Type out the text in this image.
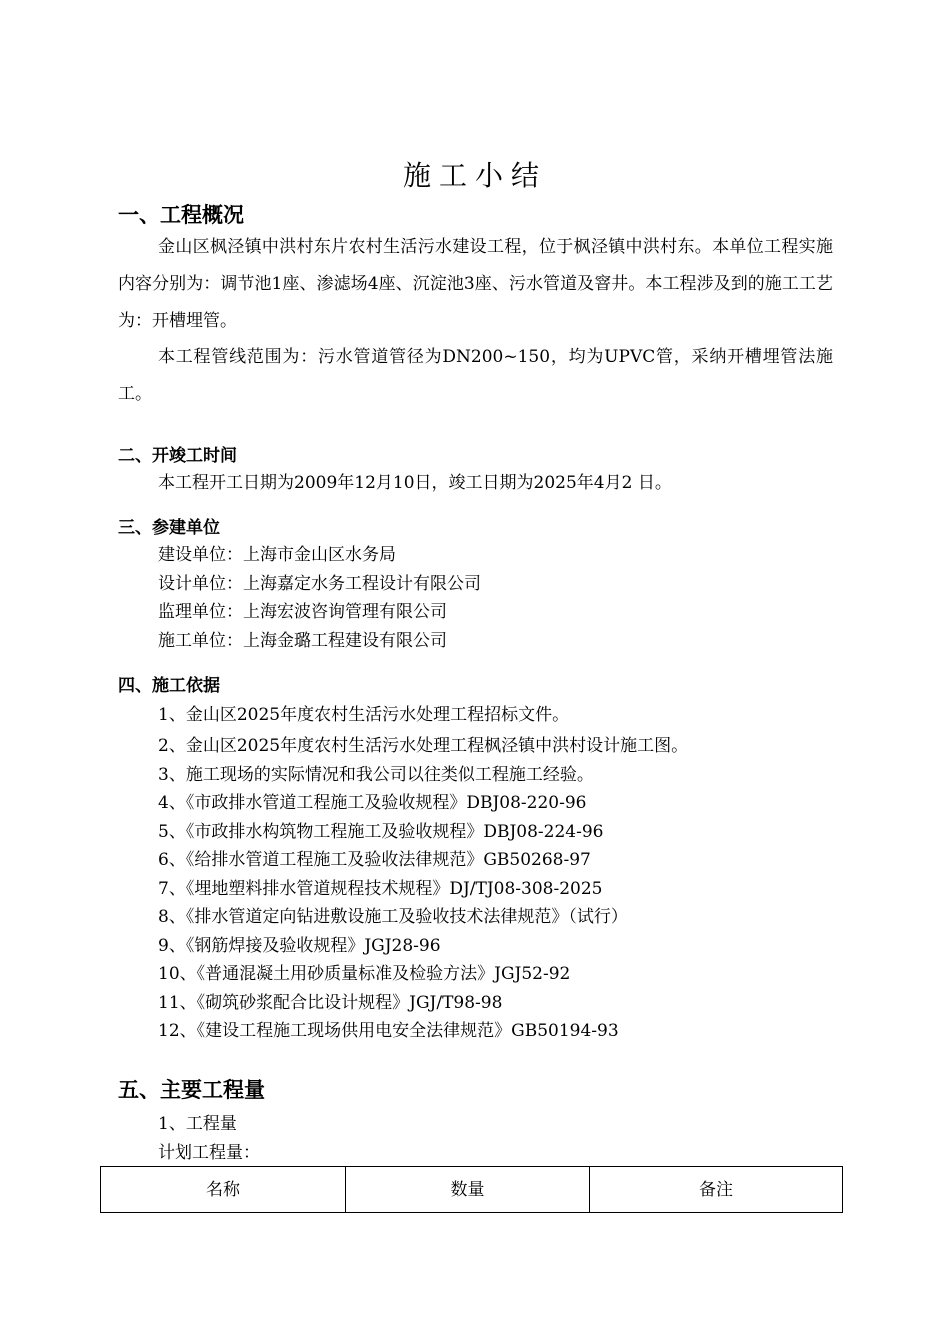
施工小结
一、工程概况

金山区枫泾镇中洪村东片农村生活污水建设工程，位于枫泾镇中洪村东。本单位工程实施内容分别为：调节池1座、渗滤场4座、沉淀池3座、污水管道及窨井。本工程涉及到的施工工艺为：开槽埋管。

本工程管线范围为：污水管道管径为DN200~150，均为UPVC管，采纳开槽埋管法施工。

二、开竣工时间
本工程开工日期为2009年12月10日，竣工日期为2025年4月2 日。
三、参建单位
建设单位：上海市金山区水务局
设计单位：上海嘉定水务工程设计有限公司
监理单位：上海宏波咨询管理有限公司
施工单位：上海金璐工程建设有限公司
四、施工依据
1、金山区2025年度农村生活污水处理工程招标文件。
2、金山区2025年度农村生活污水处理工程枫泾镇中洪村设计施工图。
3、施工现场的实际情况和我公司以往类似工程施工经验。
4、《市政排水管道工程施工及验收规程》DBJ08-220-96
5、《市政排水构筑物工程施工及验收规程》DBJ08-224-96
6、《给排水管道工程施工及验收法律规范》GB50268-97
7、《埋地塑料排水管道规程技术规程》DJ/TJ08-308-2025
8、《排水管道定向钻进敷设施工及验收技术法律规范》（试行）
9、《钢筋焊接及验收规程》JGJ28-96
10、《普通混凝土用砂质量标准及检验方法》JGJ52-92
11、《砌筑砂浆配合比设计规程》JGJ/T98-98
12、《建设工程施工现场供用电安全法律规范》GB50194-93
五、主要工程量
1、工程量
计划工程量：
名称	数量	备注
